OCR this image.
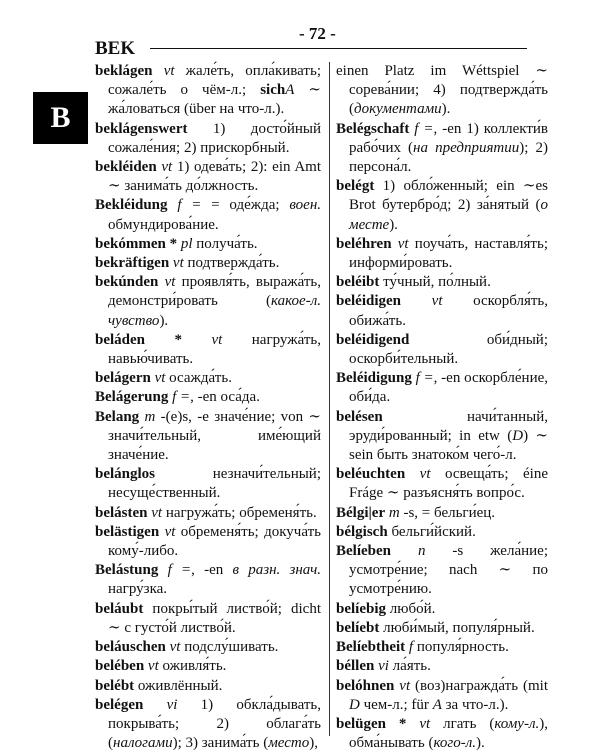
BEK
- 72 -
B

beklágen vt жале́ть, опла́кивать; сожале́ть о чём-л.; sichA ∼ жа́ловаться (über на что-л.).

beklágenswert 1) досто́йный сожале́ния; 2) прискорбный.

bekléiden vt 1) одева́ть; 2): ein Amt ∼ занима́ть до́лжность.

Bekléidung f = = оде́жда; воен. обмундирова́ние.

bekómmen * pl получа́ть.

bekräftigen vt подтвержда́ть.

bekúnden vt проявля́ть, выража́ть, демонстри́ровать (какое-л. чувство).

beláden * vt нагружа́ть, навью́чивать.

belágern vt осажда́ть.

Belágerung f =, -en оса́да.

Belang m -(e)s, -e значе́ние; von ∼ значи́тельный, име́ющий значе́ние.

belánglos незначи́тельный; несуще́ственный.

belásten vt нагружа́ть; обременя́ть.

belästigen vt обременя́ть; докуча́ть кому́-либо.

Belástung f =, -en в разн. знач. нагру́зка.

beláubt покры́тый листво́й; dicht ∼ с густо́й листво́й.

beláuschen vt подслу́шивать.

belében vt оживля́ть.

belébt оживлённый.

belégen vi 1) обкла́дывать, покрыва́ть; 2) облага́ть (налогами); 3) занима́ть (место),

einen Platz im Wéttspiel ∼ сорева́нии; 4) подтвержда́ть (документами).

Belégschaft f =, -en 1) коллекти́в рабо́чих (на предприятии); 2) персона́л.

belégt 1) обло́женный; ein ∼es Brot бутербро́д; 2) за́нятый (о месте).

beléhren vt поуча́ть, наставля́ть; информи́ровать.

beléibt ту́чный, по́лный.

beléidigen vt оскорбля́ть, обижа́ть.

beléidigend оби́дный; оскорби́тельный.

Beléidigung f =, -en оскорбле́ние, оби́да.

belésen начи́танный, эруди́рованный; in etw (D) ∼ sein быть знатоко́м чего́-л.

beléuchten vt освеща́ть; éine Fráge ∼ разъясня́ть вопро́с.

Bélgi|er m -s, = бельги́ец.

bélgisch бельги́йский.

Belíeben n -s жела́ние; усмотре́ние; nach ∼ по усмотре́нию.

belíebig любо́й.

belíebt люби́мый, популя́рный.

Belíebtheit f популя́рность.

béllen vi ла́ять.

belóhnen vt (воз)награжда́ть (mit D чем-л.; für A за что-л.).

belügen * vt лгать (кому-л.), обма́нывать (кого-л.).
